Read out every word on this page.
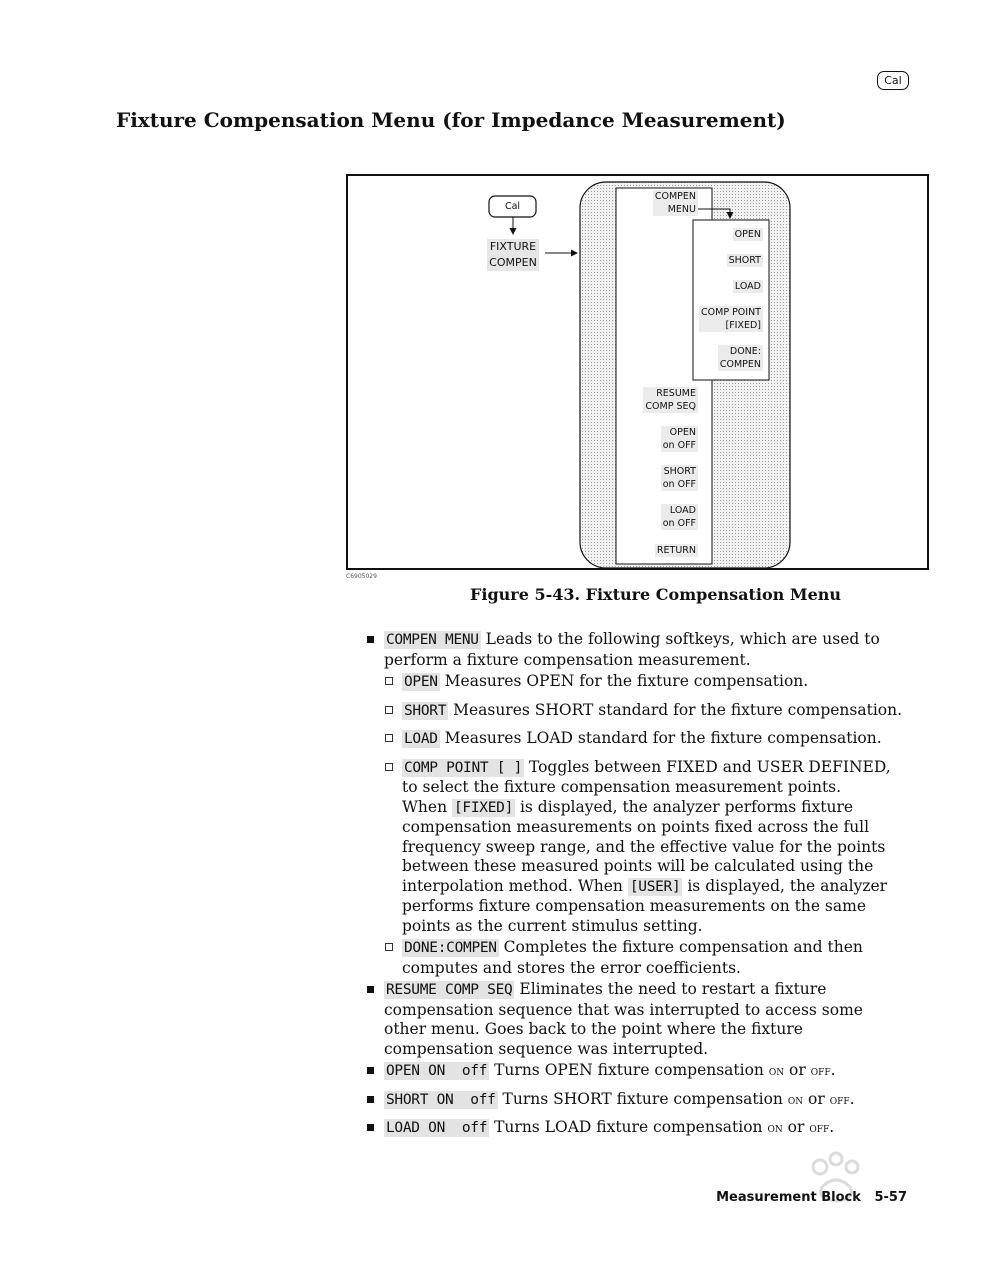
Cal
Fixture Compensation Menu (for Impedance Measurement)
Cal
FIXTURE
COMPEN
COMPEN
MENU
OPEN
SHORT
LOAD
COMP POINT
[FIXED]
DONE:
COMPEN
RESUME
COMP SEQ
OPEN
on OFF
SHORT
on OFF
LOAD
on OFF
RETURN
C6905029

Figure 5-43. Fixture Compensation Menu

COMPEN MENU Leads to the following softkeys, which are used to perform a fixture compensation measurement.
OPEN Measures OPEN for the fixture compensation.
SHORT Measures SHORT standard for the fixture compensation.
LOAD Measures LOAD standard for the fixture compensation.
COMP POINT [ ] Toggles between FIXED and USER DEFINED, to select the fixture compensation measurement points.
When [FIXED] is displayed, the analyzer performs fixture compensation measurements on points fixed across the full frequency sweep range, and the effective value for the points between these measured points will be calculated using the interpolation method. When [USER] is displayed, the analyzer performs fixture compensation measurements on the same points as the current stimulus setting.
DONE:COMPEN Completes the fixture compensation and then computes and stores the error coefficients.
RESUME COMP SEQ Eliminates the need to restart a fixture compensation sequence that was interrupted to access some other menu. Goes back to the point where the fixture compensation sequence was interrupted.
OPEN ON  off Turns OPEN fixture compensation on or off.
SHORT ON  off Turns SHORT fixture compensation on or off.
LOAD ON  off Turns LOAD fixture compensation on or off.
Measurement Block 5-57
